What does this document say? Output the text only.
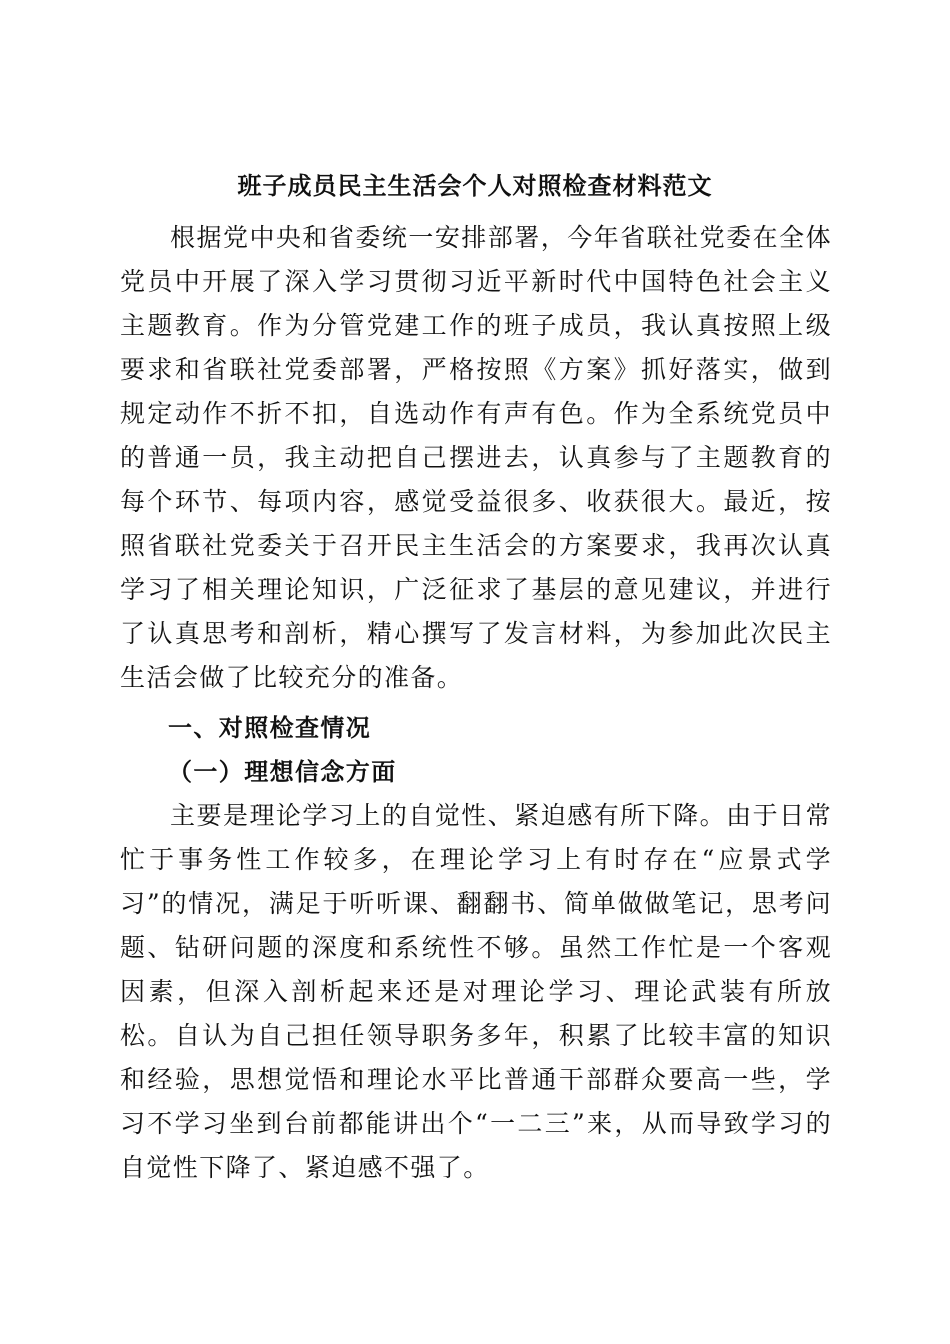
班子成员民主生活会个人对照检查材料范文

根据党中央和省委统一安排部署，今年省联社党委在全体党员中开展了深入学习贯彻习近平新时代中国特色社会主义主题教育。作为分管党建工作的班子成员，我认真按照上级要求和省联社党委部署，严格按照《方案》抓好落实，做到规定动作不折不扣，自选动作有声有色。作为全系统党员中的普通一员，我主动把自己摆进去，认真参与了主题教育的每个环节、每项内容，感觉受益很多、收获很大。最近，按照省联社党委关于召开民主生活会的方案要求，我再次认真学习了相关理论知识，广泛征求了基层的意见建议，并进行了认真思考和剖析，精心撰写了发言材料，为参加此次民主生活会做了比较充分的准备。

一、对照检查情况
（一）理想信念方面

主要是理论学习上的自觉性、紧迫感有所下降。由于日常忙于事务性工作较多，在理论学习上有时存在“应景式学习”的情况，满足于听听课、翻翻书、简单做做笔记，思考问题、钻研问题的深度和系统性不够。虽然工作忙是一个客观因素，但深入剖析起来还是对理论学习、理论武装有所放松。自认为自己担任领导职务多年，积累了比较丰富的知识和经验，思想觉悟和理论水平比普通干部群众要高一些，学习不学习坐到台前都能讲出个“一二三”来，从而导致学习的自觉性下降了、紧迫感不强了。
